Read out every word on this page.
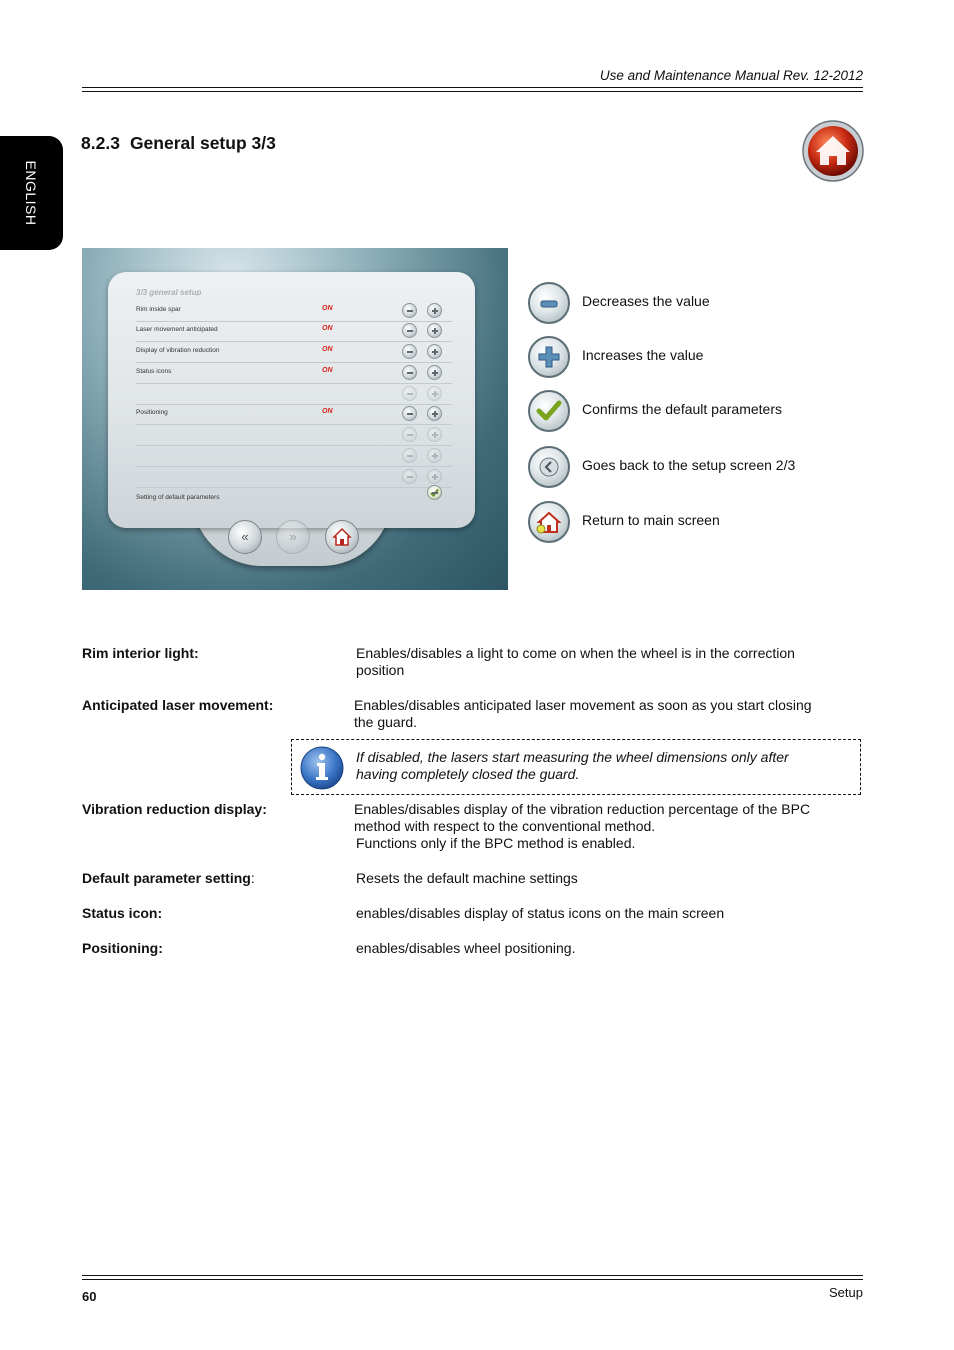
Use and Maintenance Manual Rev. 12-2012
ENGLISH
8.2.3 General setup 3/3
3/3 general setup
Rim inside spar	ON
Laser movement anticipated	ON
Display of vibration reduction	ON
Status icons	ON
Positioning	ON
Setting of default parameters
«	»
Decreases the value
Increases the value
Confirms the default parameters
Goes back to the setup screen 2/3
Return to main screen
Rim interior light:	Enables/disables a light to come on when the wheel is in the correction
position
Anticipated laser movement:	Enables/disables anticipated laser movement as soon as you start closing
the guard.
Vibration reduction display:	Enables/disables display of the vibration reduction percentage of the BPC
method with respect to the conventional method.
Functions only if the BPC method is enabled.
Default parameter setting:	Resets the default machine settings
Status icon:	enables/disables display of status icons on the main screen
Positioning:	enables/disables wheel positioning.
If disabled, the lasers start measuring the wheel dimensions only after
having completely closed the guard.
60	Setup
